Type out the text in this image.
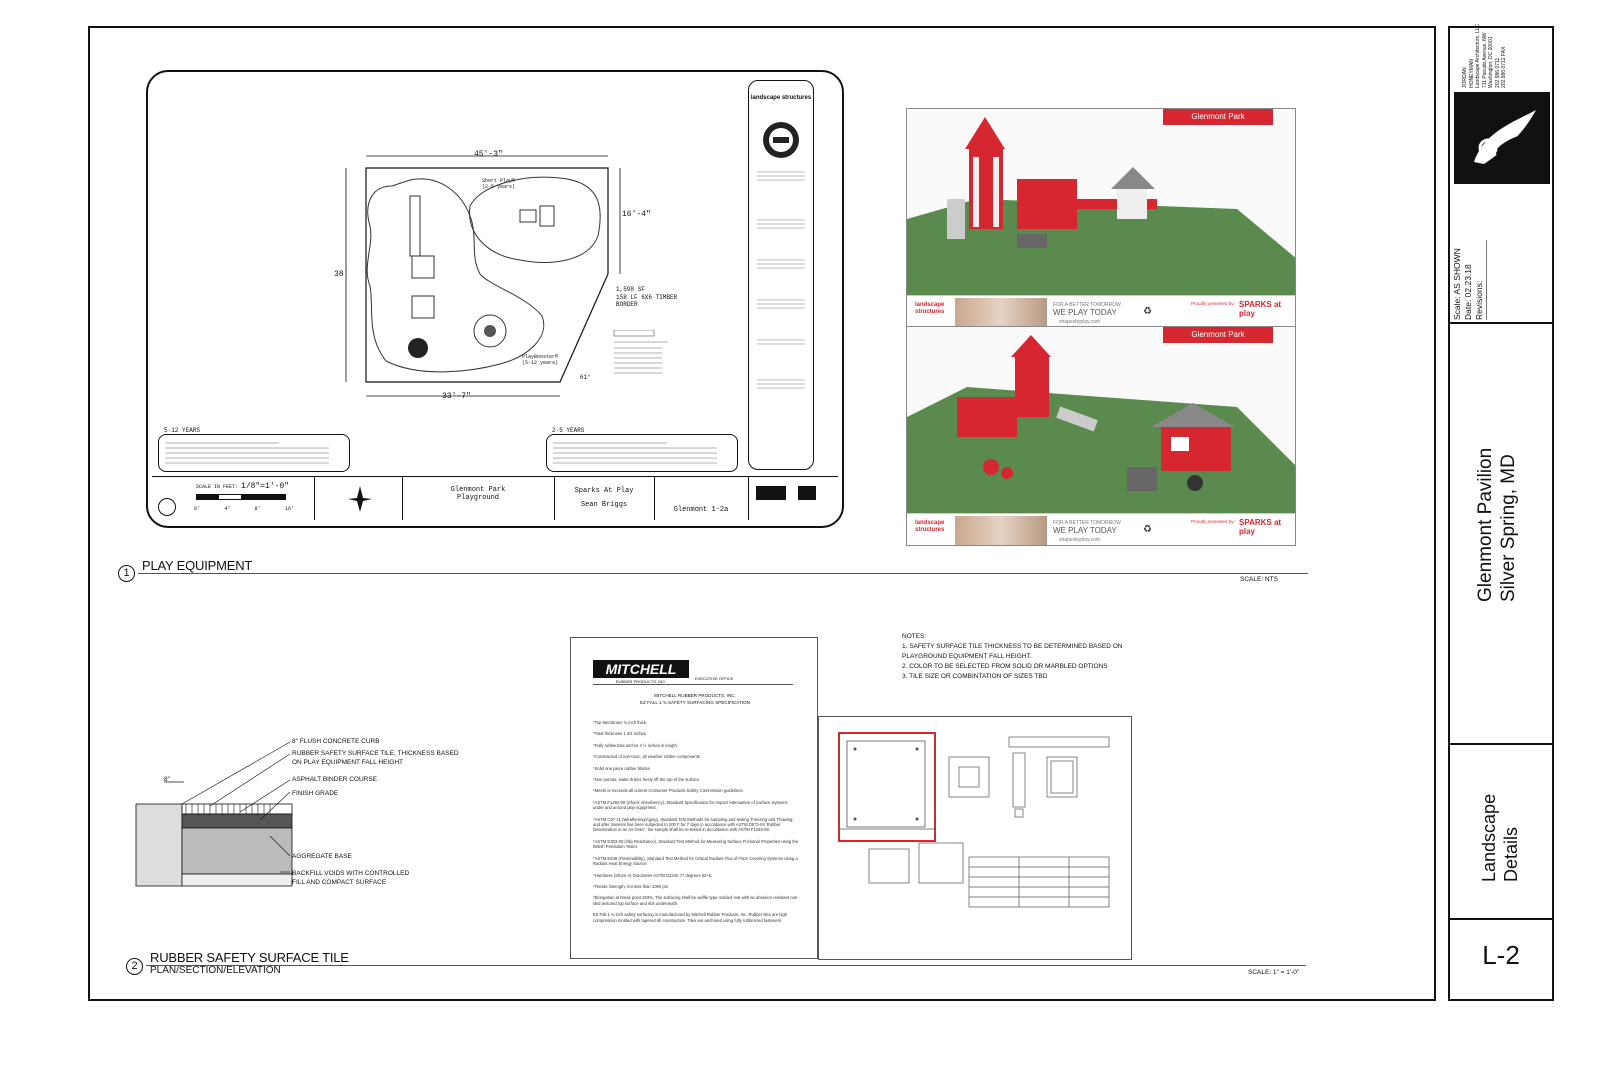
JORDAN HONEYMAN Landscape Architecture, LLC 711 Pseudo Avenue, NW Washington, DC 20001 202.986.0711 202.986.0712 FAX
Scale: AS SHOWN Date: 02.23.18 Revisions:
Glenmont Pavilion Silver Spring, MD
Landscape Details
L-2
45'-3"
16'-4"
38'
33'-7"
61°
1,598 SF
158 LF 6X6 TIMBER BORDER
Short Play® (2-5 years)
PlayBooster® (5-12 years)
5-12 YEARS	2-5 YEARS
landscape structures
SCALE IN FEET: 1/8"=1'-0"
0'	4'	8'	16'
Glenmont Park
Playground
Sparks At Play
Sean Briggs
Glenmont 1-2a
Glenmont Park
landscape structures
FOR A BETTER TOMORROW
WE PLAY TODAY
shapesbyplay.com
♻
Proudly presented by: SPARKS at play
Glenmont Park
landscape structures
FOR A BETTER TOMORROW
WE PLAY TODAY
shapesbyplay.com
♻
Proudly presented by: SPARKS at play
1 PLAY EQUIPMENT
SCALE: NTS
8"
8" FLUSH CONCRETE CURB
RUBBER SAFETY SURFACE TILE, THICKNESS BASED
ON PLAY EQUIPMENT FALL HEIGHT
ASPHALT BINDER COURSE
FINISH GRADE
AGGREGATE BASE
BACKFILL VOIDS WITH CONTROLLED
FILL AND COMPACT SURFACE
MITCHELL
RUBBER PRODUCTS, INC.
EXECUTIVE OFFICE
MITCHELL RUBBER PRODUCTS, INC.
EZ FALL 1 ¾ SAFETY SURFACING SPECIFICATION
*Top Membrane ¾ inch thick.
*Total thickness 1 3/4 inches.
*Fully rubberized anchor 4 ½ inches in length.
*Constructed of non-toxic, all weather rubber components.
*Solid one piece rubber blocks.
*Non porous, water drains freely off the top of the surface.
*Meets or exceeds all current Consumer Products Safety Commission guidelines.
*ASTM F1292-09 (Shock Absorbency), Standard Specification for Impact Attenuation of Surface Systems under and around play equipment.
*ASTM C67-11 (Weathering/Aging), Standard Test Methods for sampling and testing 'Freezing and Thawing', and after material has been subjected to 200 F for 7 days in accordance with ASTM D573-04 'Rubber Deterioration in an Air Oven', the sample shall be re-tested in accordance with ASTM F1292-09.
*ASTM E303-93 (Slip Resistance), Standard Test Method for Measuring Surface Frictional Properties using the British Pendulum Tester.
*ASTM E648 (Flammability), Standard Test Method for Critical Radiant Flux of Floor Covering Systems using a Radiant Heat Energy Source.
*Hardness (Shore A) Durometer ASTM D2240 77 degrees 62+5.
*Tensile Strength, not less than 1090 psi.
*Elongation at break point 283%. The surfacing shall be waffle-type molded mat with an abrasion resistant non-skid textured top surface and ribs underneath.
EZ Fall 1 ¾ inch safety surfacing is manufactured by Mitchell Rubber Products, Inc. Rubber tiles are high compression molded with tapered rib construction. Tiles are anchored using fully rubberized fasteners.
NOTES:
1. SAFETY SURFACE TILE THICKNESS TO BE DETERMINED BASED ON
PLAYGROUND EQUIPMENT FALL HEIGHT.
2. COLOR TO BE SELECTED FROM SOLID OR MARBLED OPTIONS
3. TILE SIZE OR COMBINTATION OF SIZES TBD
2
RUBBER SAFETY SURFACE TILE
PLAN/SECTION/ELEVATION	SCALE: 1" = 1'-0"
